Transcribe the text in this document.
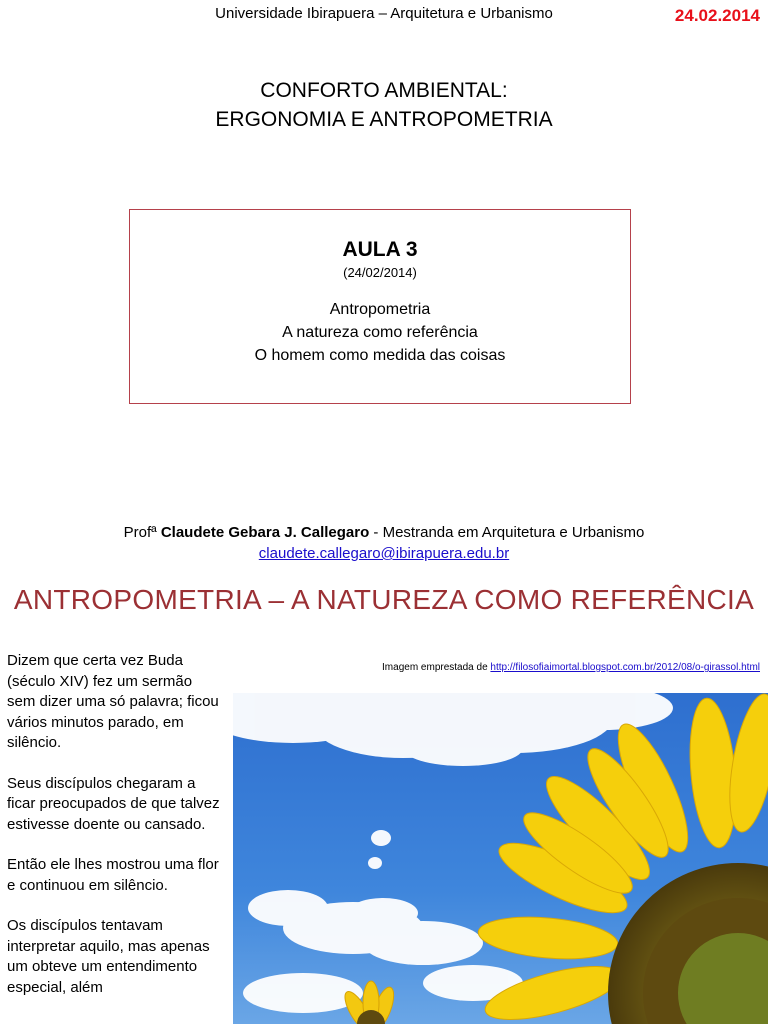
Universidade Ibirapuera – Arquitetura e Urbanismo	24.02.2014
CONFORTO AMBIENTAL:
ERGONOMIA E ANTROPOMETRIA
AULA 3
(24/02/2014)
Antropometria
A natureza como referência
O homem como medida das coisas
Profª Claudete Gebara J. Callegaro - Mestranda em Arquitetura e Urbanismo
claudete.callegaro@ibirapuera.edu.br
ANTROPOMETRIA – A NATUREZA COMO REFERÊNCIA
Imagem emprestada de http://filosofiaimortal.blogspot.com.br/2012/08/o-girassol.html

Dizem que certa vez Buda (século XIV) fez um sermão sem dizer uma só palavra; ficou vários minutos parado, em silêncio.

Seus discípulos chegaram a ficar preocupados de que talvez estivesse doente ou cansado.

Então ele lhes mostrou uma flor e continuou em silêncio.

Os discípulos tentavam interpretar aquilo, mas apenas um obteve um entendimento especial, além
